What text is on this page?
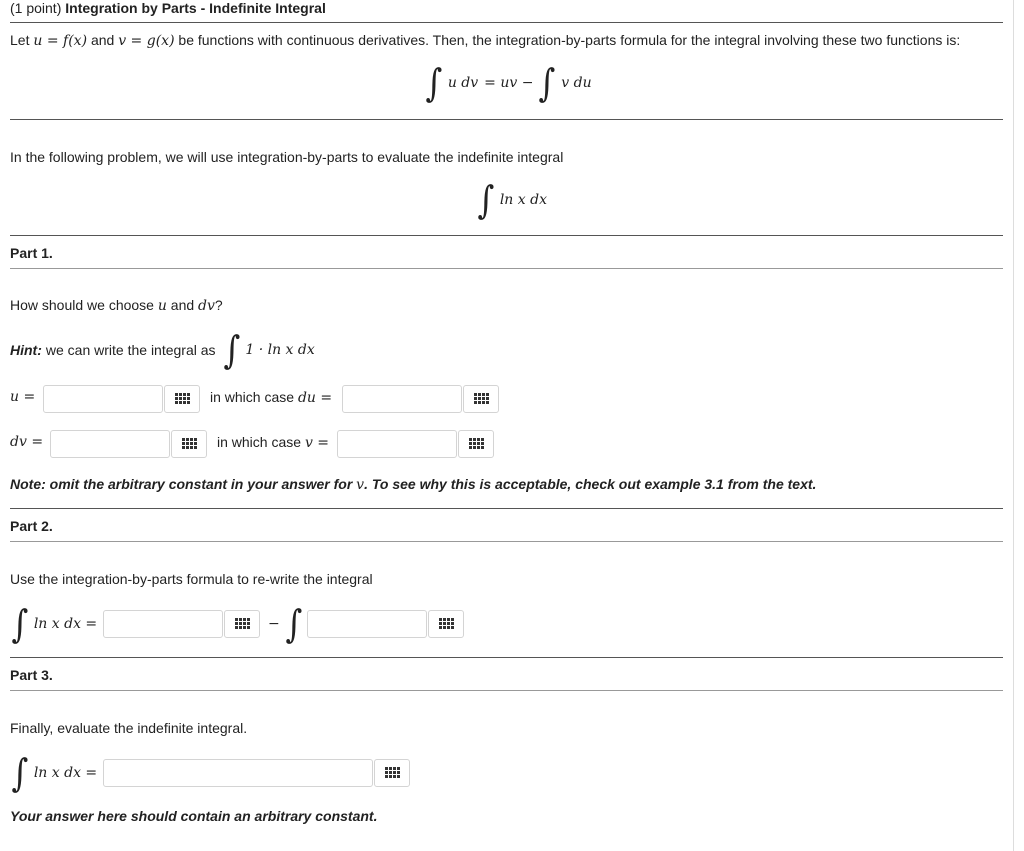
(1 point) Integration by Parts - Indefinite Integral
Let u = f(x) and v = g(x) be functions with continuous derivatives. Then, the integration-by-parts formula for the integral involving these two functions is:
∫ u dv = uv − ∫ v du
In the following problem, we will use integration-by-parts to evaluate the indefinite integral
∫ ln x dx
Part 1.
How should we choose u and dv?
Hint: we can write the integral as ∫ 1 · ln x dx
u =	in which case du =
dv =	in which case v =
Note: omit the arbitrary constant in your answer for v. To see why this is acceptable, check out example 3.1 from the text.
Part 2.
Use the integration-by-parts formula to re-write the integral
∫ ln x dx =	− ∫
Part 3.
Finally, evaluate the indefinite integral.
∫ ln x dx =
Your answer here should contain an arbitrary constant.
